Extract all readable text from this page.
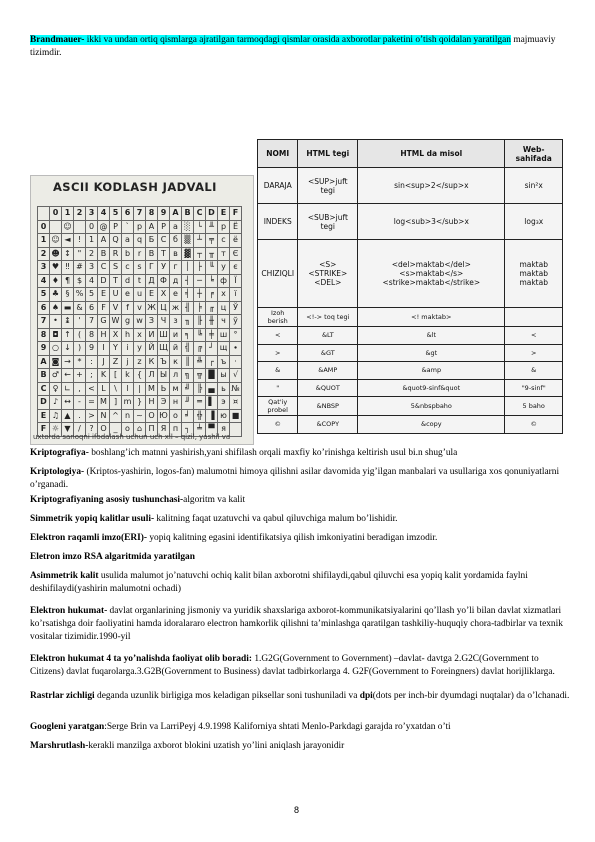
Brandmauer- ikki va undan ortiq qismlarga ajratilgan tarmoqdagi qismlar orasida axborotlar paketini o’tish qoidalan yaratilgan majmuaviy tizimdir.

ASCII KODLASH JADVALI
	0	1	2	3	4	5	6	7	8	9	A	B	C	D	E	F
0		☺		0	@	P	`	p	А	Р	а	░	└	╨	р	Ё
1	☺	◄	!	1	A	Q	a	q	Б	С	б	▒	┴	╤	с	ё
2	☻	↕	"	2	B	R	b	r	В	Т	в	▓	┬	╥	т	Є
3	♥	‼	#	3	C	S	c	s	Г	У	г	│	├	╙	у	є
4	♦	¶	$	4	D	T	d	t	Д	Ф	д	┤	─	╘	ф	Ї
5	♣	§	%	5	E	U	e	u	Е	Х	е	╡	┼	╒	х	ї
6	♠	▬	&	6	F	V	f	v	Ж	Ц	ж	╢	╞	╓	ц	Ў
7	•	↨	'	7	G	W	g	w	З	Ч	з	╖	╟	╫	ч	ў
8	◘	↑	(	8	H	X	h	x	И	Ш	и	╕	╚	╪	ш	°
9	○	↓	)	9	I	Y	i	y	Й	Щ	й	╣	╔	┘	щ	∙
A	◙	→	*	:	J	Z	j	z	К	Ъ	к	║	╩	┌	ъ	·
B	♂	←	+	;	K	[	k	{	Л	Ы	л	╗	╦	█	ы	√
C	♀	∟	,	<	L	\	l	|	М	Ь	м	╝	╠	▄	ь	№
D	♪	↔	-	=	M	]	m	}	Н	Э	н	╜	═	▌	э	¤
E	♫	▲	.	>	N	^	n	~	О	Ю	о	╛	╬	▐	ю	■
F	☼	▼	/	?	O	_	o	⌂	П	Я	п	┐	╧	▀	я	
uxtorda sanoqni ifodalash uchun uch xil – qizil, yashil va
NOMI	HTML tegi	HTML da misol	Web-sahifada
DARAJA	<SUP>juft tegi	sin<sup>2</sup>x	sin²x
INDEKS	<SUB>juft tegi	log<sub>3</sub>x	log₃x
CHIZIQLI	<S> <STRIKE> <DEL>	<del>maktab</del> <s>maktab</s> <strike>maktab</strike>	maktab maktab maktab
Izoh berish	<!-> toq tegi	<! maktab>	
<	&LT	&lt	<
>	&GT	&gt	>
&	&AMP	&amp	&
"	&QUOT	&quot9-sinf&quot	"9-sinf"
Qat'iy probel	&NBSP	5&nbspbaho	5 baho
©	&COPY	&copy	©

Kriptografiya- boshlang’ich matnni yashirish,yani shifilash orqali maxfiy ko’rinishga keltirish usul bi.n shug’ula

Kriptologiya- (Kriptos-yashirin, logos-fan) malumotni himoya qilishni asilar davomida yig’ilgan manbalari va usullariga xos qonuniyatlarni o’rganadi.

Kriptografiyaning asosiy tushunchasi-algoritm va kalit

Simmetrik yopiq kalitlar usuli- kalitning faqat uzatuvchi va qabul qiluvchiga malum bo’lishidir.

Elektron raqamli imzo(ERI)- yopiq kalitning egasini identifikatsiya qilish imkoniyatini beradigan imzodir.

Eletron imzo RSA algaritmida yaratilgan

Asimmetrik kalit usulida malumot jo’natuvchi ochiq kalit bilan axborotni shifilaydi,qabul qiluvchi esa yopiq kalit yordamida faylni deshifilaydi(yashirin malumotni ochadi)

Elektron hukumat- davlat organlarining jismoniy va yuridik shaxslariga axborot-kommunikatsiyalarini qo’llash yo’li bilan davlat xizmatlari ko’rsatishga doir faoliyatini hamda idoralararo electron hamkorlik qilishni ta’minlashga qaratilgan tashkiliy-huquqiy chora-tadbirlar va texnik vositalar tizimidir.1990-yil

Elektron hukumat 4 ta yo’nalishda faoliyat olib boradi: 1.G2G(Government to Government) –davlat- davtga 2.G2C(Government to Citizens) davlat fuqarolarga.3.G2B(Government to Business) davlat tadbirkorlarga 4. G2F(Government to Foreingners) davlat horijliklarga.

Rastrlar zichligi deganda uzunlik birligiga mos keladigan piksellar soni tushuniladi va dpi(dots per inch-bir dyumdagi nuqtalar) da o’lchanadi.

Googleni yaratgan:Serge Brin va LarriPeyj 4.9.1998 Kaliforniya shtati Menlo-Parkdagi garajda ro’yxatdan o’ti

Marshrutlash-kerakli manzilga axborot blokini uzatish yo’lini aniqlash jarayonidir

8
